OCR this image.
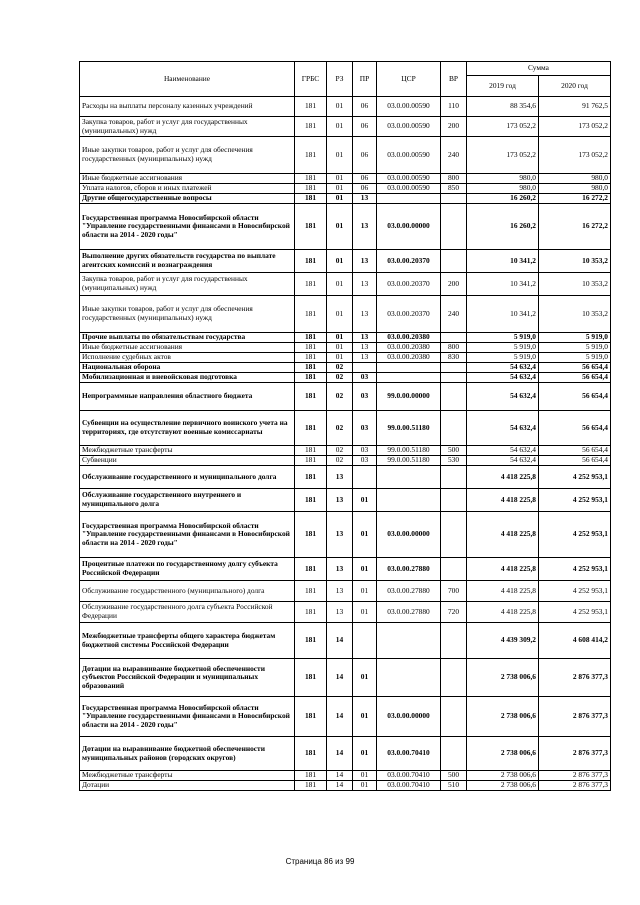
Наименование	ГРБС	РЗ	ПР	ЦСР	ВР	Сумма	
						2019 год	2020 год
Расходы на выплаты персоналу казенных учреждений	181	01	06	03.0.00.00590	110	88 354,6	91 762,5
Закупка товаров, работ и услуг для государственных (муниципальных) нужд	181	01	06	03.0.00.00590	200	173 052,2	173 052,2
Иные закупки товаров, работ и услуг для обеспечения государственных (муниципальных) нужд	181	01	06	03.0.00.00590	240	173 052,2	173 052,2
Иные бюджетные ассигнования	181	01	06	03.0.00.00590	800	980,0	980,0
Уплата налогов, сборов и иных платежей	181	01	06	03.0.00.00590	850	980,0	980,0
Другие общегосударственные вопросы	181	01	13			16 260,2	16 272,2
Государственная программа Новосибирской области "Управление государственными финансами в Новосибирской области на 2014 - 2020 годы"	181	01	13	03.0.00.00000		16 260,2	16 272,2
Выполнение других обязательств государства по выплате агентских комиссий и вознаграждения	181	01	13	03.0.00.20370		10 341,2	10 353,2
Закупка товаров, работ и услуг для государственных (муниципальных) нужд	181	01	13	03.0.00.20370	200	10 341,2	10 353,2
Иные закупки товаров, работ и услуг для обеспечения государственных (муниципальных) нужд	181	01	13	03.0.00.20370	240	10 341,2	10 353,2
Прочие выплаты по обязательствам государства	181	01	13	03.0.00.20380		5 919,0	5 919,0
Иные бюджетные ассигнования	181	01	13	03.0.00.20380	800	5 919,0	5 919,0
Исполнение судебных актов	181	01	13	03.0.00.20380	830	5 919,0	5 919,0
Национальная оборона	181	02				54 632,4	56 654,4
Мобилизационная и вневойсковая подготовка	181	02	03			54 632,4	56 654,4
Непрограммные направления областного бюджета	181	02	03	99.0.00.00000		54 632,4	56 654,4
Субвенции на осуществление первичного воинского учета на территориях, где отсутствуют военные комиссариаты	181	02	03	99.0.00.51180		54 632,4	56 654,4
Межбюджетные трансферты	181	02	03	99.0.00.51180	500	54 632,4	56 654,4
Субвенции	181	02	03	99.0.00.51180	530	54 632,4	56 654,4
Обслуживание государственного и муниципального долга	181	13				4 418 225,8	4 252 953,1
Обслуживание государственного внутреннего и муниципального долга	181	13	01			4 418 225,8	4 252 953,1
Государственная программа Новосибирской области "Управление государственными финансами в Новосибирской области на 2014 - 2020 годы"	181	13	01	03.0.00.00000		4 418 225,8	4 252 953,1
Процентные платежи по государственному долгу субъекта Российской Федерации	181	13	01	03.0.00.27880		4 418 225,8	4 252 953,1
Обслуживание государственного (муниципального) долга	181	13	01	03.0.00.27880	700	4 418 225,8	4 252 953,1
Обслуживание государственного долга субъекта Российской Федерации	181	13	01	03.0.00.27880	720	4 418 225,8	4 252 953,1
Межбюджетные трансферты общего характера бюджетам бюджетной системы Российской Федерации	181	14				4 439 309,2	4 608 414,2
Дотации на выравнивание бюджетной обеспеченности субъектов Российской Федерации и муниципальных образований	181	14	01			2 738 006,6	2 876 377,3
Государственная программа Новосибирской области "Управление государственными финансами в Новосибирской области на 2014 - 2020 годы"	181	14	01	03.0.00.00000		2 738 006,6	2 876 377,3
Дотации на выравнивание бюджетной обеспеченности муниципальных районов (городских округов)	181	14	01	03.0.00.70410		2 738 006,6	2 876 377,3
Межбюджетные трансферты	181	14	01	03.0.00.70410	500	2 738 006,6	2 876 377,3
Дотации	181	14	01	03.0.00.70410	510	2 738 006,6	2 876 377,3
Страница 86 из 99
